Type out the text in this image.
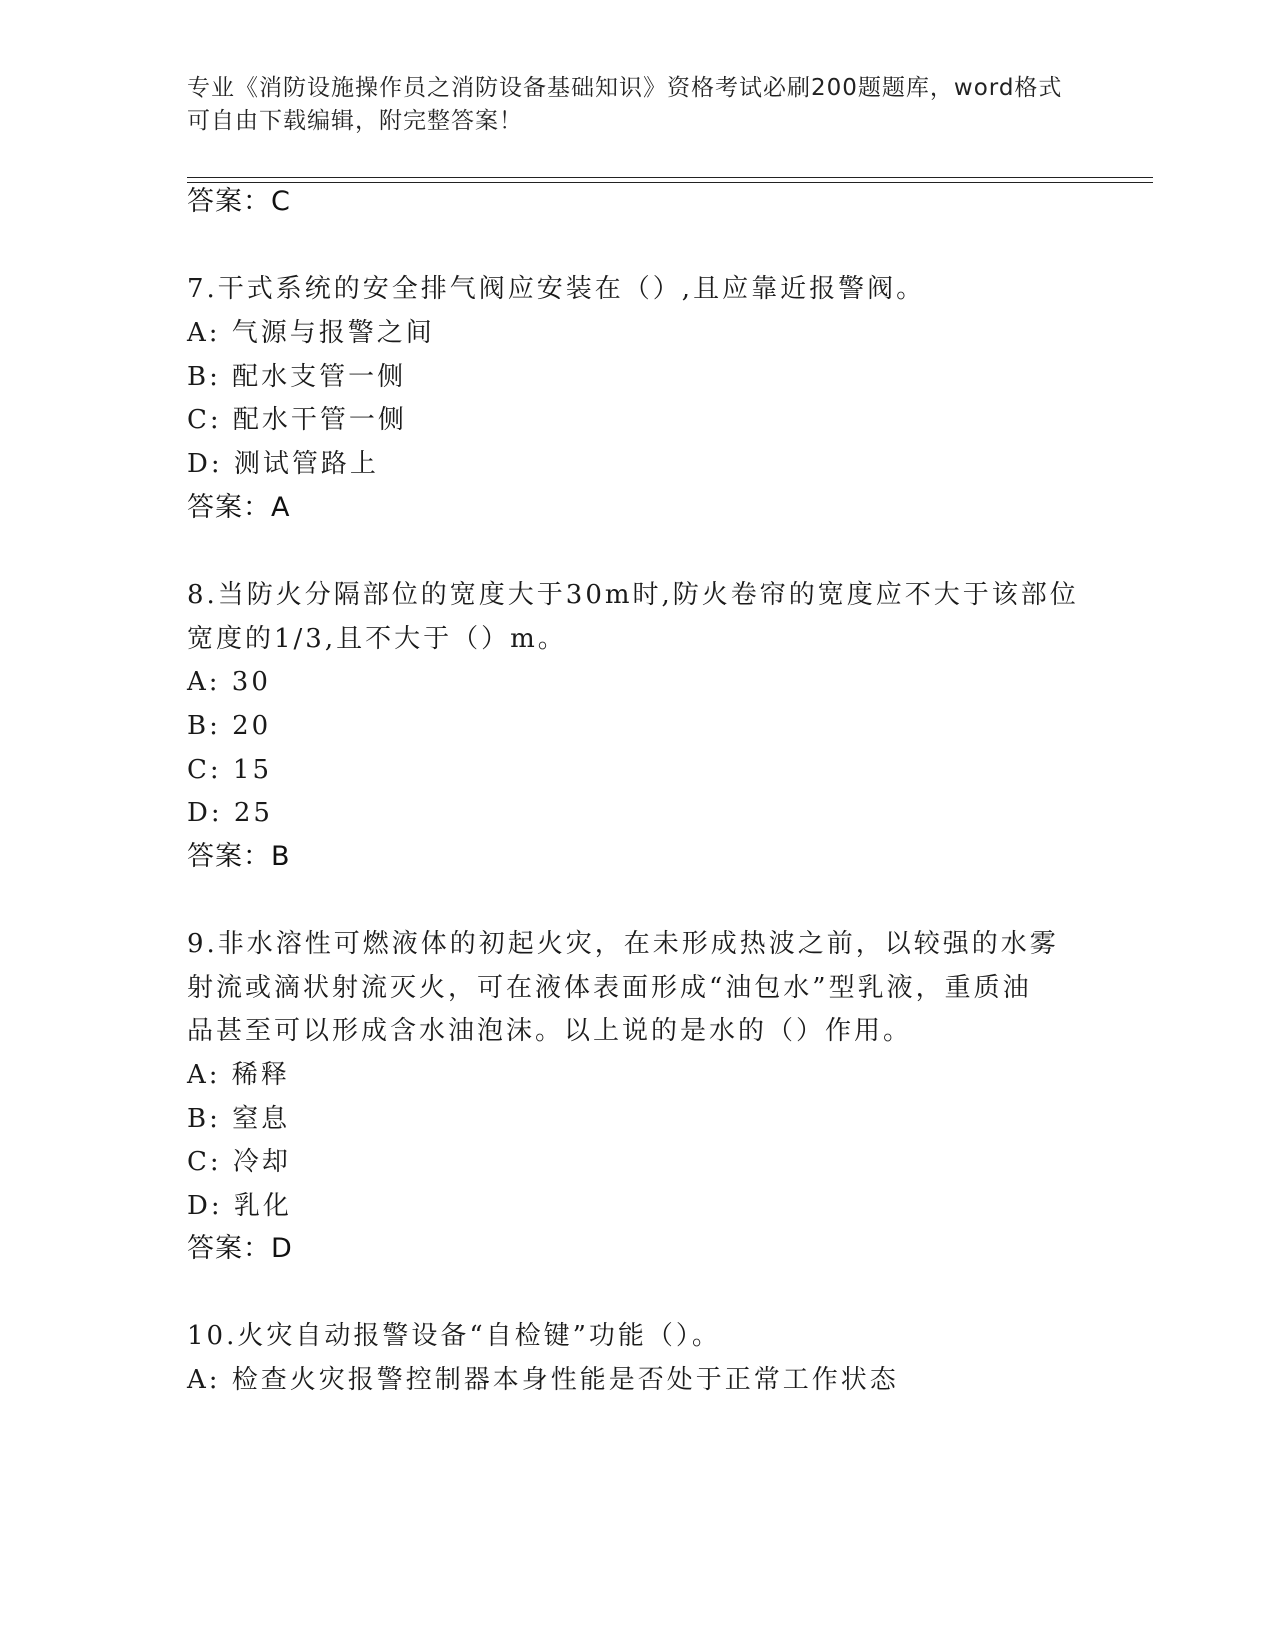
专业《消防设施操作员之消防设备基础知识》资格考试必刷200题题库，word格式可自由下载编辑，附完整答案！
答案：C
7.干式系统的安全排气阀应安装在（）,且应靠近报警阀。
A: 气源与报警之间
B: 配水支管一侧
C: 配水干管一侧
D: 测试管路上
答案：A
8.当防火分隔部位的宽度大于30m时,防火卷帘的宽度应不大于该部位
宽度的1/3,且不大于（）m。
A: 30
B: 20
C: 15
D: 25
答案：B
9.非水溶性可燃液体的初起火灾，在未形成热波之前，以较强的水雾
射流或滴状射流灭火，可在液体表面形成“油包水”型乳液，重质油
品甚至可以形成含水油泡沫。以上说的是水的（）作用。
A: 稀释
B: 窒息
C: 冷却
D: 乳化
答案：D
10.火灾自动报警设备“自检键”功能（）。
A: 检查火灾报警控制器本身性能是否处于正常工作状态
